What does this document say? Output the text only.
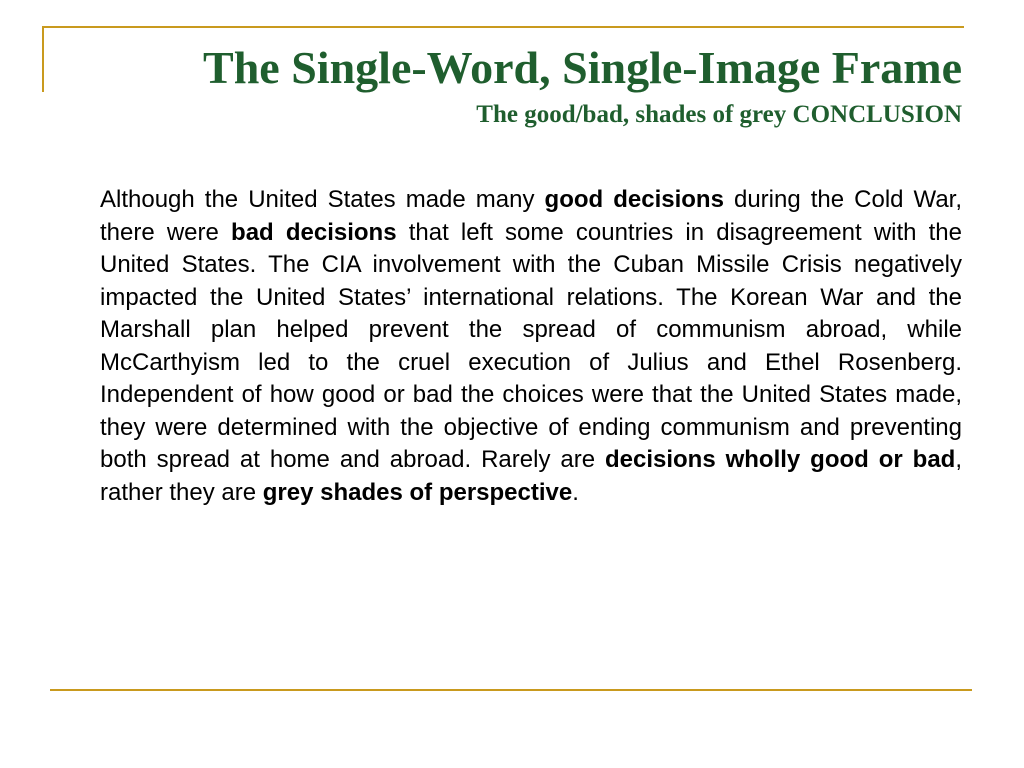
The Single-Word, Single-Image Frame
The good/bad, shades of grey CONCLUSION

Although the United States made many good decisions during the Cold War, there were bad decisions that left some countries in disagreement with the United States. The CIA involvement with the Cuban Missile Crisis negatively impacted the United States’ international relations. The Korean War and the Marshall plan helped prevent the spread of communism abroad, while McCarthyism led to the cruel execution of Julius and Ethel Rosenberg. Independent of how good or bad the choices were that the United States made, they were determined with the objective of ending communism and preventing both spread at home and abroad. Rarely are decisions wholly good or bad, rather they are grey shades of perspective.
